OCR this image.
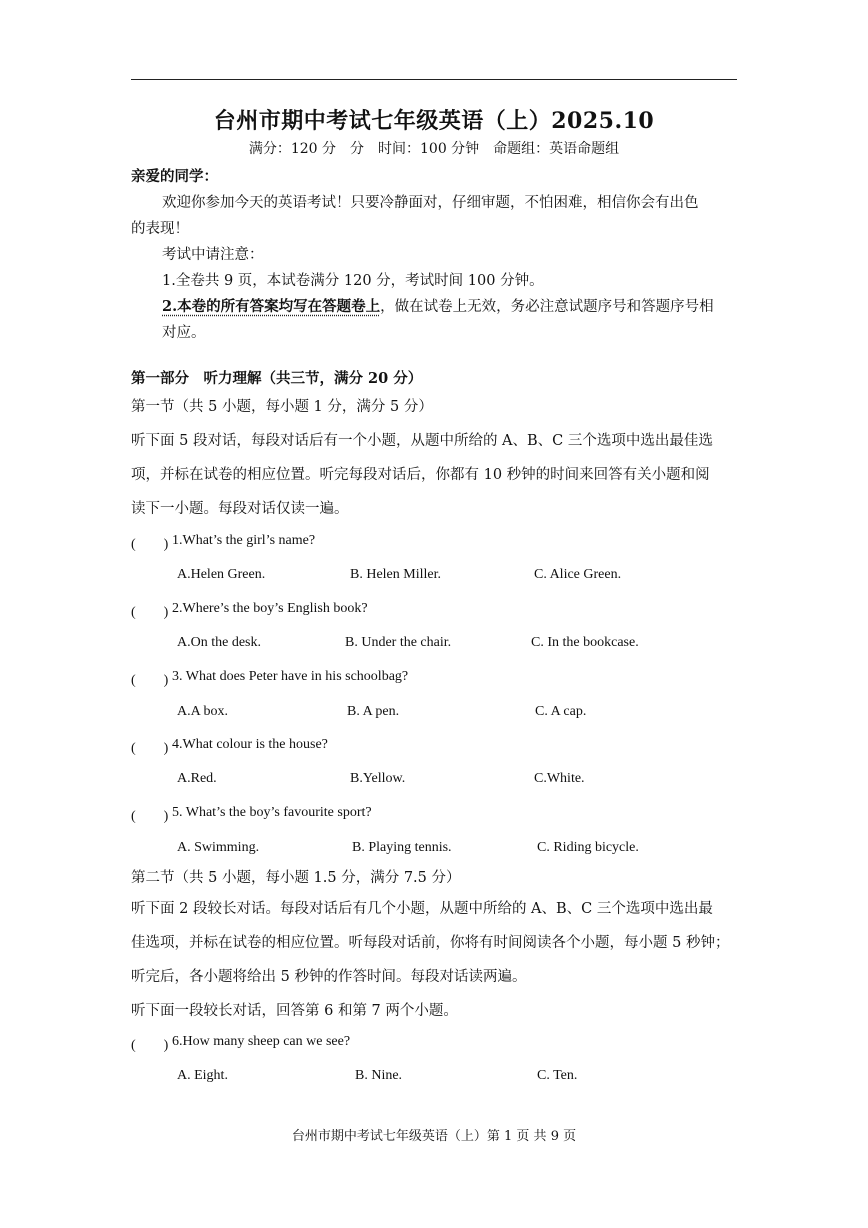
台州市期中考试七年级英语（上）2025.10
满分：120 分　分　时间：100 分钟　命题组：英语命题组
亲爱的同学：
欢迎你参加今天的英语考试！只要冷静面对，仔细审题，不怕困难，相信你会有出色
的表现！
考试中请注意：
1.全卷共 9 页，本试卷满分 120 分，考试时间 100 分钟。
2.本卷的所有答案均写在答题卷上，做在试卷上无效，务必注意试题序号和答题序号相
对应。
第一部分　听力理解（共三节，满分 20 分）
第一节（共 5 小题，每小题 1 分，满分 5 分）
听下面 5 段对话，每段对话后有一个小题，从题中所给的 A、B、C 三个选项中选出最佳选
项，并标在试卷的相应位置。听完每段对话后，你都有 10 秒钟的时间来回答有关小题和阅
读下一小题。每段对话仅读一遍。
(　　) 1.What’s the girl’s name?
A.Helen Green.	B. Helen Miller.	C. Alice Green.
(　　) 2.Where’s the boy’s English book?
A.On the desk.	B. Under the chair.	C. In the bookcase.
(　　) 3. What does Peter have in his schoolbag?
A.A box.	B. A pen.	C. A cap.
(　　) 4.What colour is the house?
A.Red.	B.Yellow.	C.White.
(　　) 5. What’s the boy’s favourite sport?
A. Swimming.	B. Playing tennis.	C. Riding bicycle.
第二节（共 5 小题，每小题 1.5 分，满分 7.5 分）
听下面 2 段较长对话。每段对话后有几个小题，从题中所给的 A、B、C 三个选项中选出最
佳选项，并标在试卷的相应位置。听每段对话前，你将有时间阅读各个小题，每小题 5 秒钟；
听完后，各小题将给出 5 秒钟的作答时间。每段对话读两遍。
听下面一段较长对话，回答第 6 和第 7 两个小题。
(　　) 6.How many sheep can we see?
A. Eight.	B. Nine.	C. Ten.
台州市期中考试七年级英语（上）第 1 页 共 9 页
